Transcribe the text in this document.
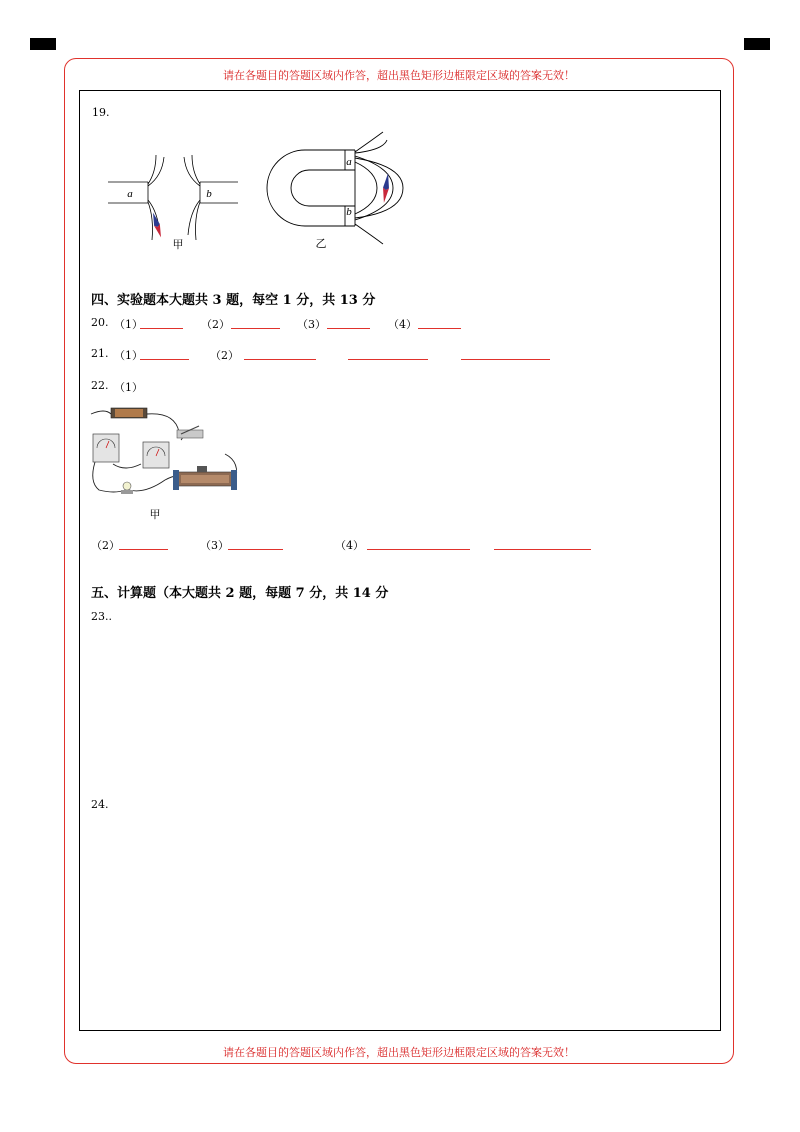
请在各题目的答题区域内作答，超出黑色矩形边框限定区域的答案无效！
请在各题目的答题区域内作答，超出黑色矩形边框限定区域的答案无效！
19.
a	b
甲
a
b
乙
四、实验题本大题共 3 题，每空 1 分，共 13 分
20. （1）	（2）	（3）	（4）
21. （1）	（2）
22. （1）
甲
（2）	（3）	（4）
五、计算题（本大题共 2 题，每题 7 分，共 14 分
23..
24.
